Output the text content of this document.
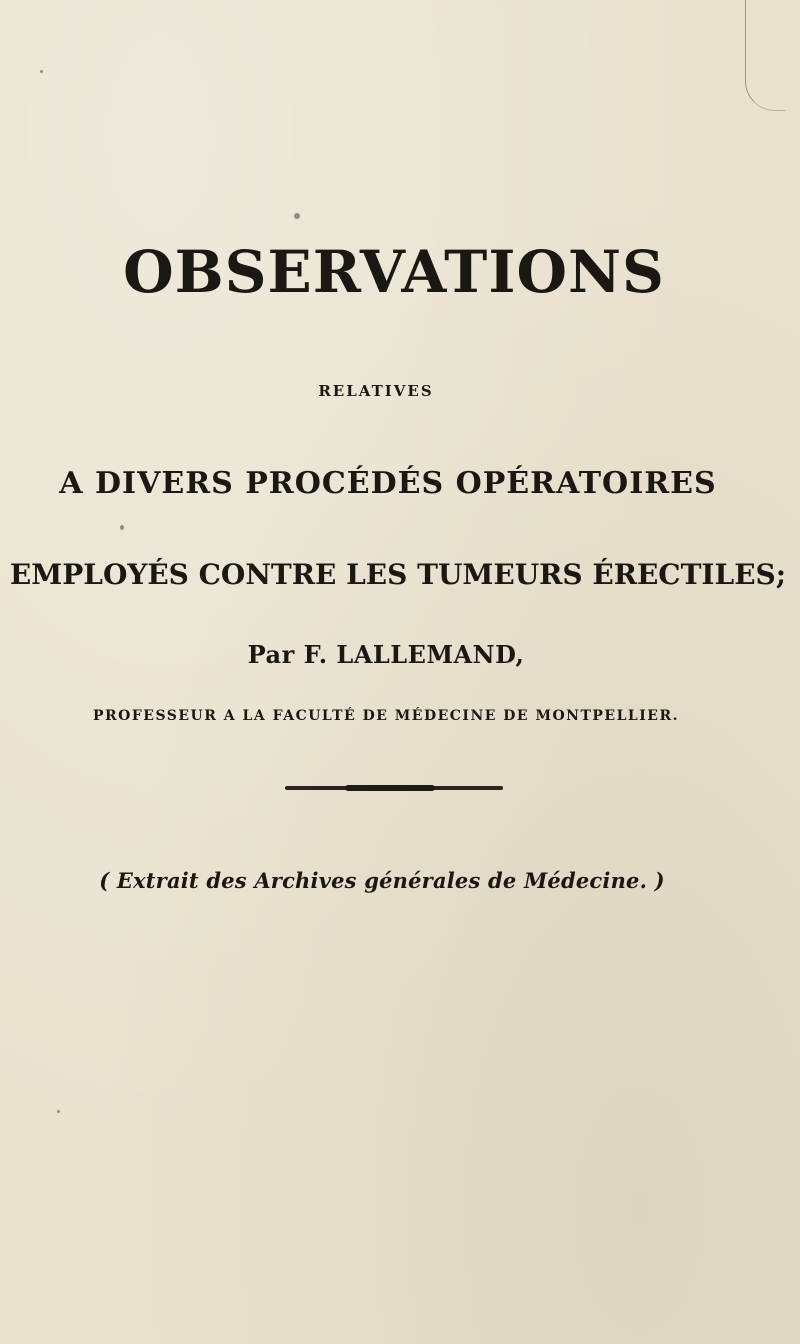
OBSERVATIONS
RELATIVES
A DIVERS PROCÉDÉS OPÉRATOIRES
EMPLOYÉS CONTRE LES TUMEURS ÉRECTILES;
Par F. LALLEMAND,
PROFESSEUR A LA FACULTÉ DE MÉDECINE DE MONTPELLIER.
( Extrait des Archives générales de Médecine. )
